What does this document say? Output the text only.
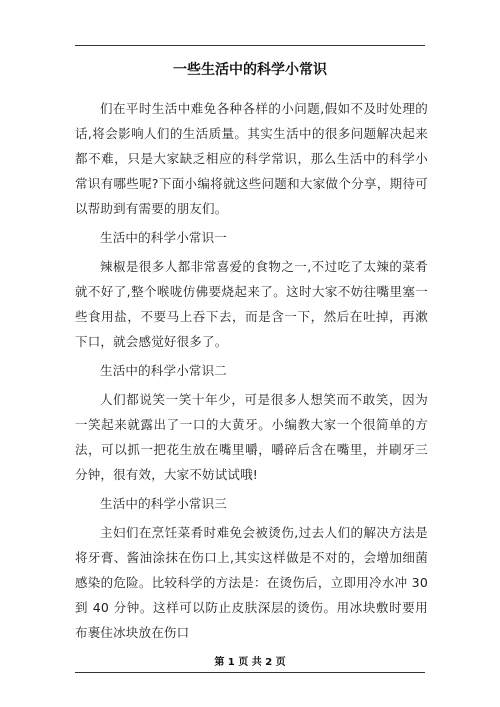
一些生活中的科学小常识

们在平时生活中难免各种各样的小问题,假如不及时处理的话,将会影响人们的生活质量。其实生活中的很多问题解决起来都不难，只是大家缺乏相应的科学常识，那么生活中的科学小常识有哪些呢?下面小编将就这些问题和大家做个分享，期待可以帮助到有需要的朋友们。

生活中的科学小常识一

辣椒是很多人都非常喜爱的食物之一,不过吃了太辣的菜肴就不好了,整个喉咙仿佛要烧起来了。这时大家不妨往嘴里塞一些食用盐，不要马上吞下去，而是含一下，然后在吐掉，再漱下口，就会感觉好很多了。

生活中的科学小常识二

人们都说笑一笑十年少，可是很多人想笑而不敢笑，因为一笑起来就露出了一口的大黄牙。小编教大家一个很简单的方法，可以抓一把花生放在嘴里嚼，嚼碎后含在嘴里，并刷牙三分钟，很有效，大家不妨试试哦!

生活中的科学小常识三

主妇们在烹饪菜肴时难免会被烫伤,过去人们的解决方法是将牙膏、酱油涂抹在伤口上,其实这样做是不对的，会增加细菌感染的危险。比较科学的方法是：在烫伤后，立即用冷水冲 30 到 40 分钟。这样可以防止皮肤深层的烫伤。用冰块敷时要用布裹住冰块放在伤口

第 1 页 共 2 页
